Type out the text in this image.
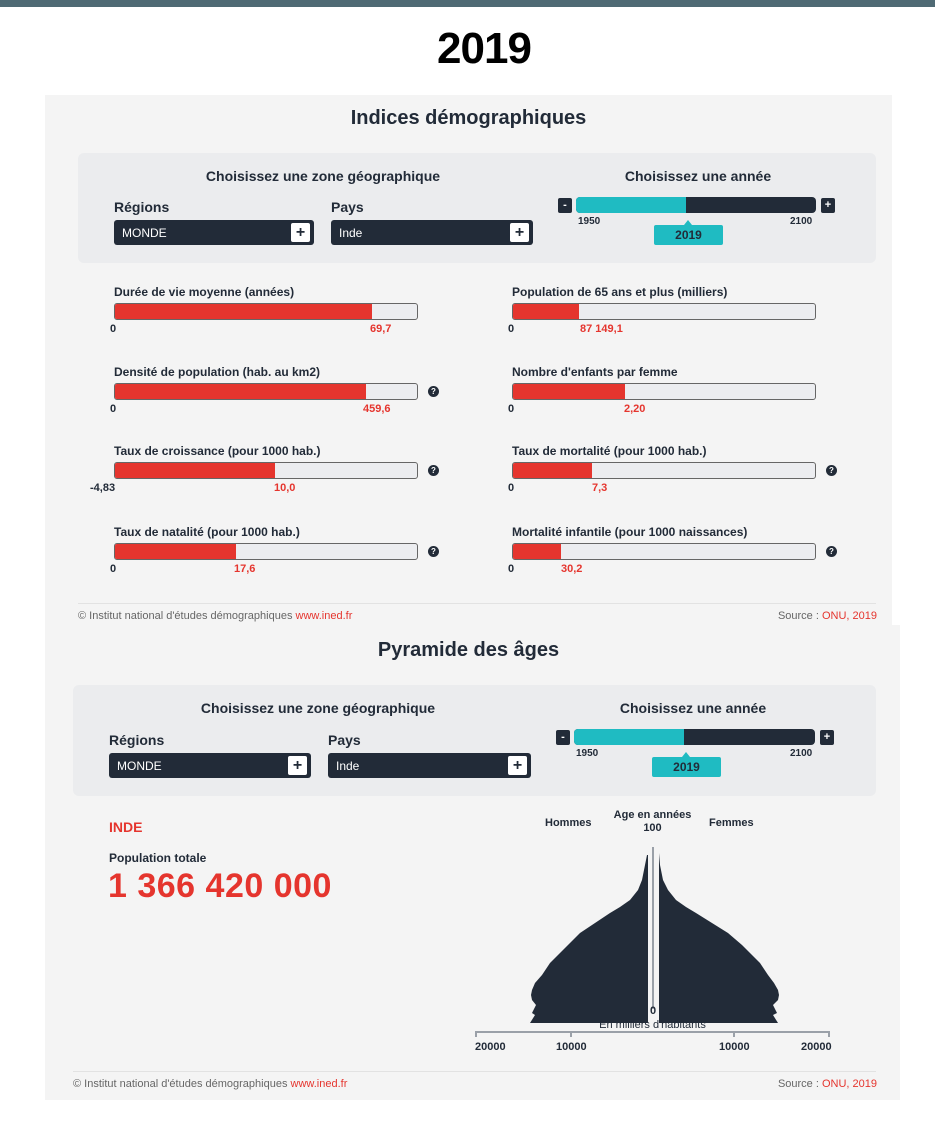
2019
Indices démographiques
Choisissez une zone géographique
Régions
MONDE	+
Pays
Inde	+
Choisissez une année
-	+
1950	2100
2019
Durée de vie moyenne (années)
0	69,7
Population de 65 ans et plus (milliers)
0	87 149,1
Densité de population (hab. au km2)
?
0	459,6
Nombre d'enfants par femme
0	2,20
Taux de croissance (pour 1000 hab.)
?
-4,83	10,0
Taux de mortalité (pour 1000 hab.)
?
0	7,3
Taux de natalité (pour 1000 hab.)
?
0	17,6
Mortalité infantile (pour 1000 naissances)
?
0	30,2
© Institut national d'études démographiques www.ined.fr	Source : ONU, 2019
Pyramide des âges
Choisissez une zone géographique
Régions
MONDE	+
Pays
Inde	+
Choisissez une année
-	+
1950	2100
2019
INDE
Population totale
1 366 420 000
Hommes	Femmes
Age en années
100
0
En milliers d'habitants
20000	10000	10000	20000
© Institut national d'études démographiques www.ined.fr	Source : ONU, 2019
